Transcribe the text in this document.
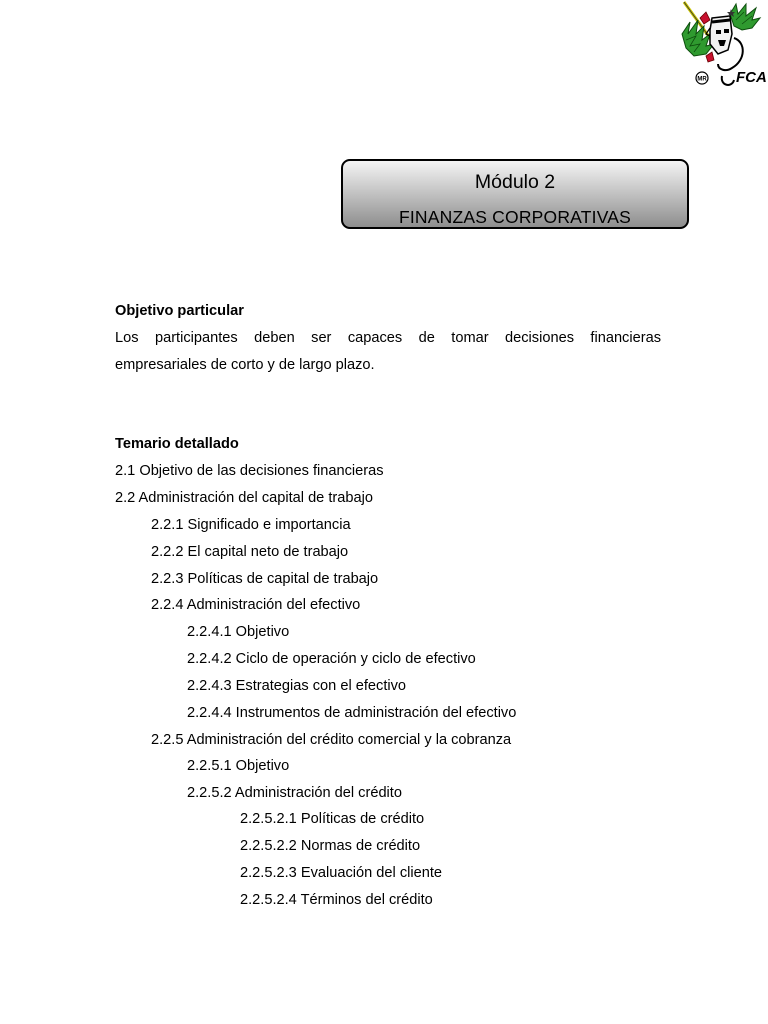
MR FCA
Módulo 2
FINANZAS CORPORATIVAS
Objetivo particular
Los participantes deben ser capaces de tomar decisiones financieras
empresariales de corto y de largo plazo.
Temario detallado
2.1 Objetivo de las decisiones financieras
2.2 Administración del capital de trabajo
2.2.1 Significado e importancia
2.2.2 El capital neto de trabajo
2.2.3 Políticas de capital de trabajo
2.2.4 Administración del efectivo
2.2.4.1 Objetivo
2.2.4.2 Ciclo de operación y ciclo de efectivo
2.2.4.3 Estrategias con el efectivo
2.2.4.4 Instrumentos de administración del efectivo
2.2.5 Administración del crédito comercial y la cobranza
2.2.5.1 Objetivo
2.2.5.2 Administración del crédito
2.2.5.2.1 Políticas de crédito
2.2.5.2.2 Normas de crédito
2.2.5.2.3 Evaluación del cliente
2.2.5.2.4 Términos del crédito
